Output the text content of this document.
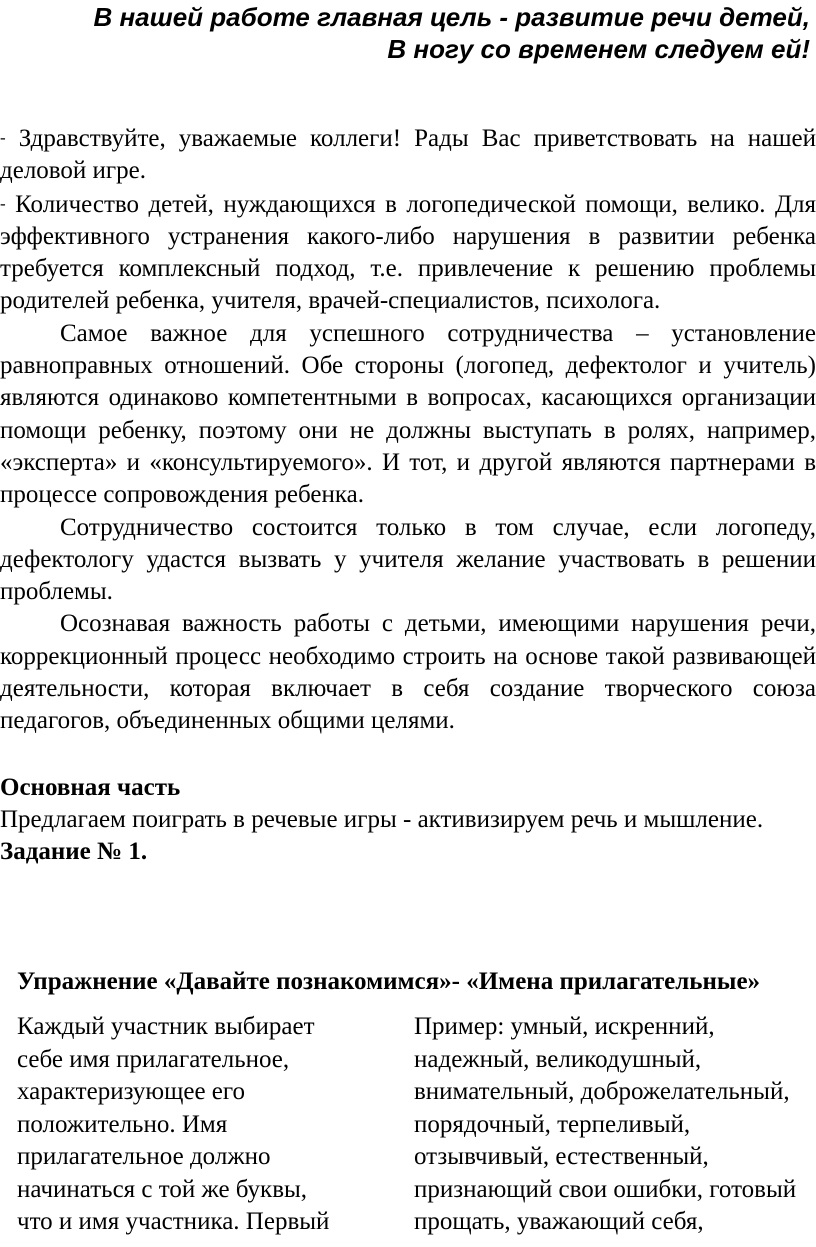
В нашей работе главная цель - развитие речи детей,
В ногу со временем следуем ей!

- Здравствуйте, уважаемые коллеги! Рады Вас приветствовать на нашей деловой игре.

- Количество детей, нуждающихся в логопедической помощи, велико. Для эффективного устранения какого-либо нарушения в развитии ребенка требуется комплексный подход, т.е. привлечение к решению проблемы родителей ребенка, учителя, врачей-специалистов, психолога.

Самое важное для успешного сотрудничества – установление равноправных отношений. Обе стороны (логопед, дефектолог и учитель) являются одинаково компетентными в вопросах, касающихся организации помощи ребенку, поэтому они не должны выступать в ролях, например, «эксперта» и «консультируемого». И тот, и другой являются партнерами в процессе сопровождения ребенка.

Сотрудничество состоится только в том случае, если логопеду, дефектологу удастся вызвать у учителя желание участвовать в решении проблемы.

Осознавая важность работы с детьми, имеющими нарушения речи, коррекционный процесс необходимо строить на основе такой развивающей деятельности, которая включает в себя создание творческого союза педагогов, объединенных общими целями.

Основная часть

Предлагаем поиграть в речевые игры - активизируем речь и мышление.

Задание № 1.

Упражнение «Давайте познакомимся»- «Имена прилагательные»
Каждый участник выбирает
себе имя прилагательное,
характеризующее его
положительно. Имя
прилагательное должно
начинаться с той же буквы,
что и имя участника. Первый
Пример: умный, искренний,
надежный, великодушный,
внимательный, доброжелательный,
порядочный, терпеливый,
отзывчивый, естественный,
признающий свои ошибки, готовый
прощать, уважающий себя,
